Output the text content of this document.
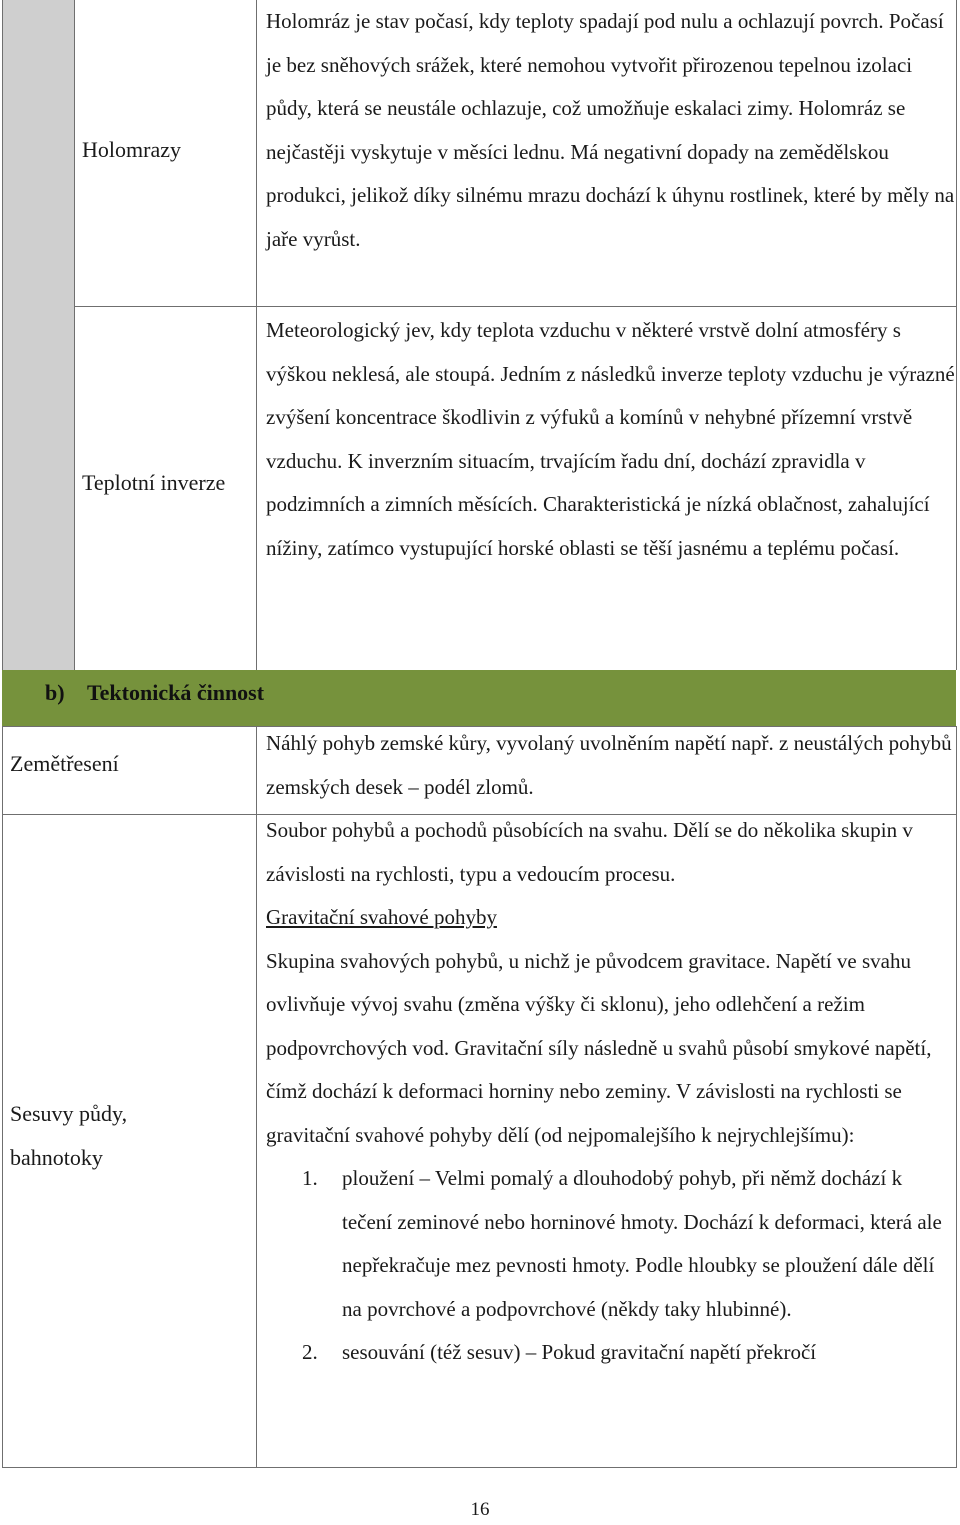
Holomrazy

Holomráz je stav počasí, kdy teploty spadají pod nulu a ochlazují povrch. Počasí je bez sněhových srážek, které nemohou vytvořit přirozenou tepelnou izolaci půdy, která se neustále ochlazuje, což umožňuje eskalaci zimy. Holomráz se nejčastěji vyskytuje v měsíci lednu. Má negativní dopady na zemědělskou produkci, jelikož díky silnému mrazu dochází k úhynu rostlinek, které by měly na jaře vyrůst.

Teplotní inverze

Meteorologický jev, kdy teplota vzduchu v některé vrstvě dolní atmosféry s výškou neklesá, ale stoupá. Jedním z následků inverze teploty vzduchu je výrazné zvýšení koncentrace škodlivin z výfuků a komínů v nehybné přízemní vrstvě vzduchu. K inverzním situacím, trvajícím řadu dní, dochází zpravidla v podzimních a zimních měsících. Charakteristická je nízká oblačnost, zahalující nížiny, zatímco vystupující horské oblasti se těší jasnému a teplému počasí.

b) Tektonická činnost
Zemětřesení

Náhlý pohyb zemské kůry, vyvolaný uvolněním napětí např. z neustálých pohybů zemských desek – podél zlomů.

Sesuvy půdy,
bahnotoky

Soubor pohybů a pochodů působících na svahu. Dělí se do několika skupin v závislosti na rychlosti, typu a vedoucím procesu.

Gravitační svahové pohyby

Skupina svahových pohybů, u nichž je původcem gravitace. Napětí ve svahu ovlivňuje vývoj svahu (změna výšky či sklonu), jeho odlehčení a režim podpovrchových vod. Gravitační síly následně u svahů působí smykové napětí, čímž dochází k deformaci horniny nebo zeminy. V závislosti na rychlosti se gravitační svahové pohyby dělí (od nejpomalejšího k nejrychlejšímu):

1. ploužení – Velmi pomalý a dlouhodobý pohyb, při němž dochází k tečení zeminové nebo horninové hmoty. Dochází k deformaci, která ale nepřekračuje mez pevnosti hmoty. Podle hloubky se ploužení dále dělí na povrchové a podpovrchové (někdy taky hlubinné).
2. sesouvání (též sesuv) – Pokud gravitační napětí překročí
16
